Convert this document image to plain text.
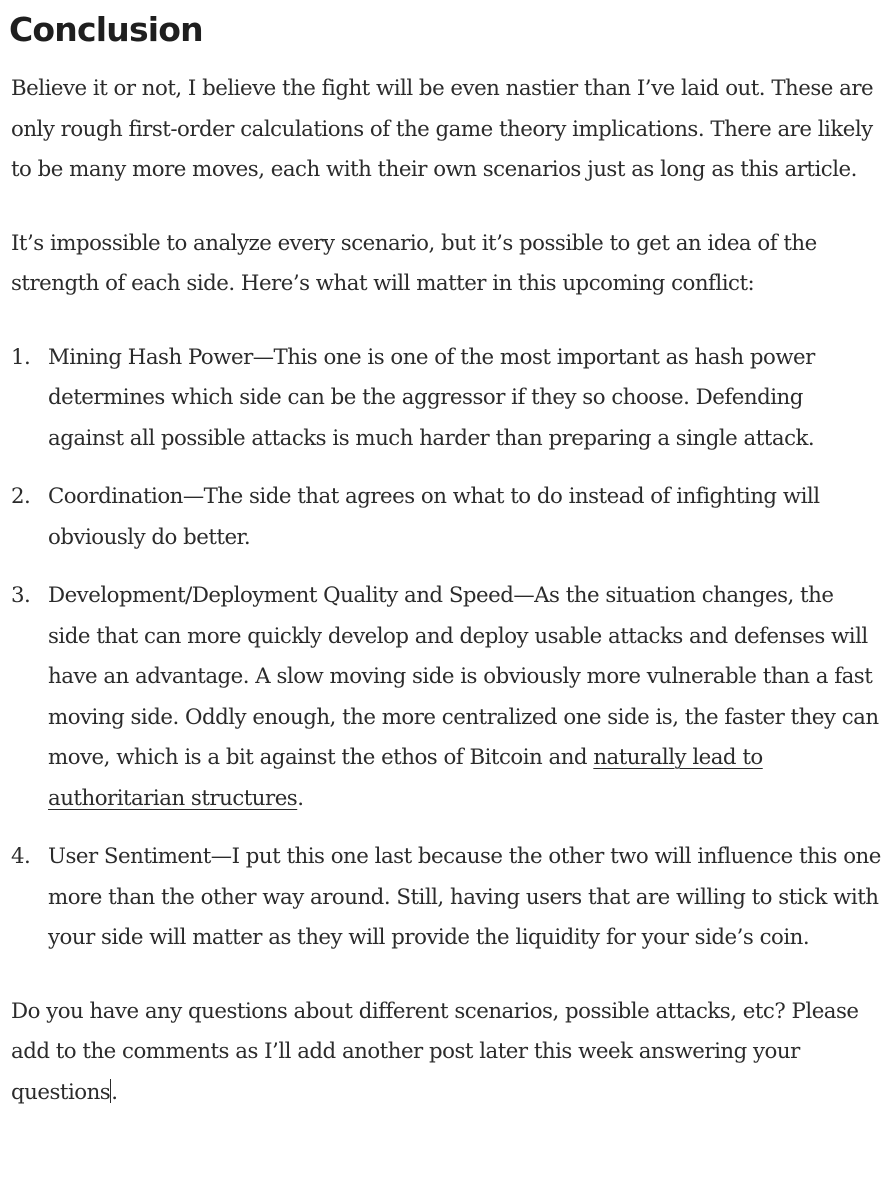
Conclusion

Believe it or not, I believe the fight will be even nastier than I’ve laid out. These are only rough first-order calculations of the game theory implications. There are likely to be many more moves, each with their own scenarios just as long as this article.

It’s impossible to analyze every scenario, but it’s possible to get an idea of the strength of each side. Here’s what will matter in this upcoming conflict:

1. Mining Hash Power—This one is one of the most important as hash power determines which side can be the aggressor if they so choose. Defending against all possible attacks is much harder than preparing a single attack.
2. Coordination—The side that agrees on what to do instead of infighting will obviously do better.
3. Development/Deployment Quality and Speed—As the situation changes, the side that can more quickly develop and deploy usable attacks and defenses will have an advantage. A slow moving side is obviously more vulnerable than a fast moving side. Oddly enough, the more centralized one side is, the faster they can move, which is a bit against the ethos of Bitcoin and naturally lead to authoritarian structures.
4. User Sentiment—I put this one last because the other two will influence this one more than the other way around. Still, having users that are willing to stick with your side will matter as they will provide the liquidity for your side’s coin.

Do you have any questions about different scenarios, possible attacks, etc? Please add to the comments as I’ll add another post later this week answering your questions.
